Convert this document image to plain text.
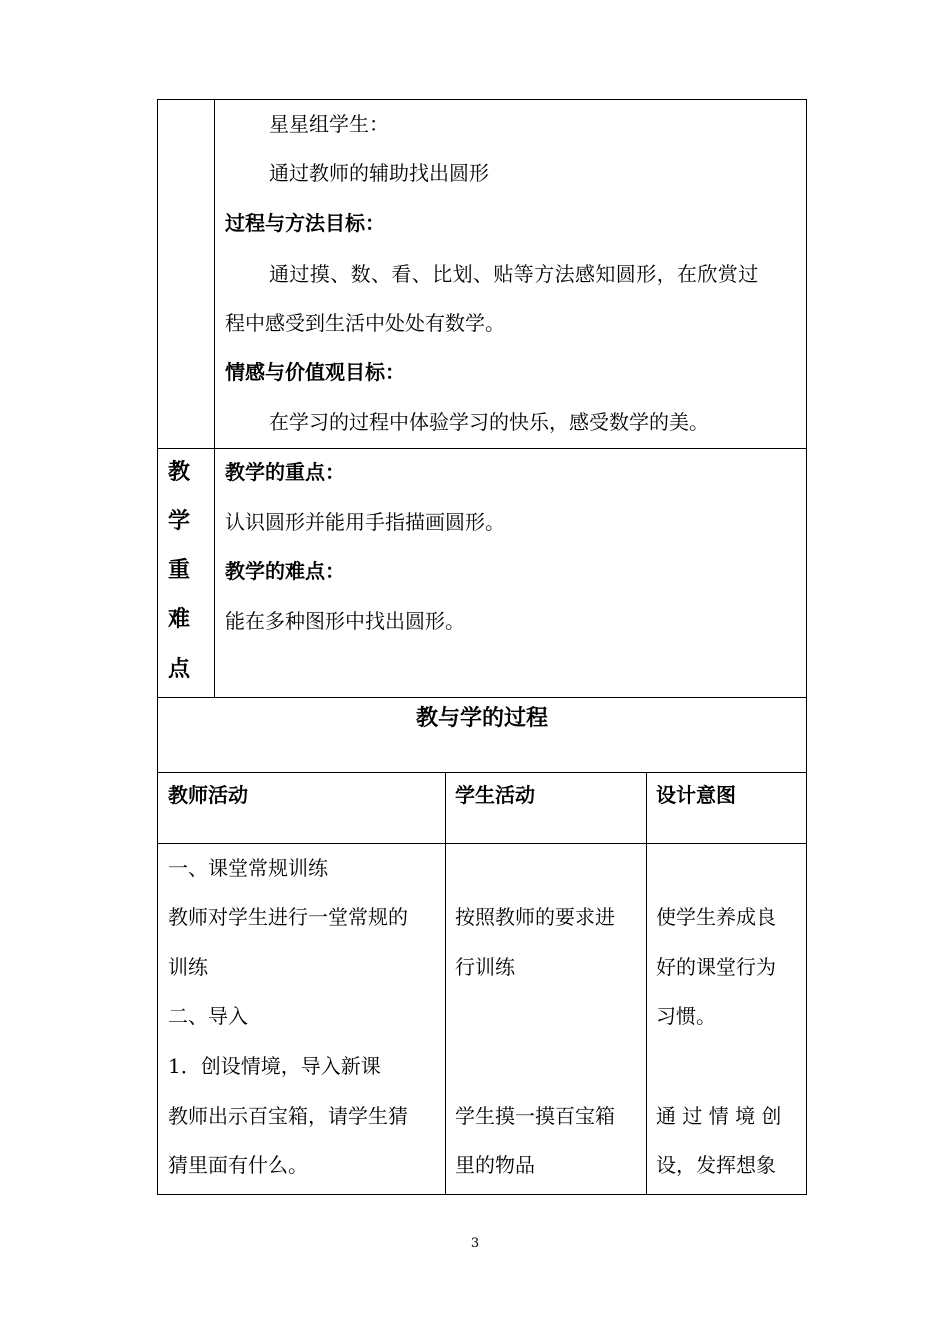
星星组学生：
通过教师的辅助找出圆形
过程与方法目标：
通过摸、数、看、比划、贴等方法感知圆形，在欣赏过
程中感受到生活中处处有数学。
情感与价值观目标：
在学习的过程中体验学习的快乐，感受数学的美。
教
学
重
难
点
教学的重点：
认识圆形并能用手指描画圆形。
教学的难点：
能在多种图形中找出圆形。
教与学的过程
教师活动	学生活动	设计意图
一、课堂常规训练
教师对学生进行一堂常规的
训练
二、导入
1．创设情境，导入新课
教师出示百宝箱，请学生猜
猜里面有什么。
按照教师的要求进
行训练
学生摸一摸百宝箱
里的物品
使学生养成良
好的课堂行为
习惯。
通 过 情 境 创
设，发挥想象
3
